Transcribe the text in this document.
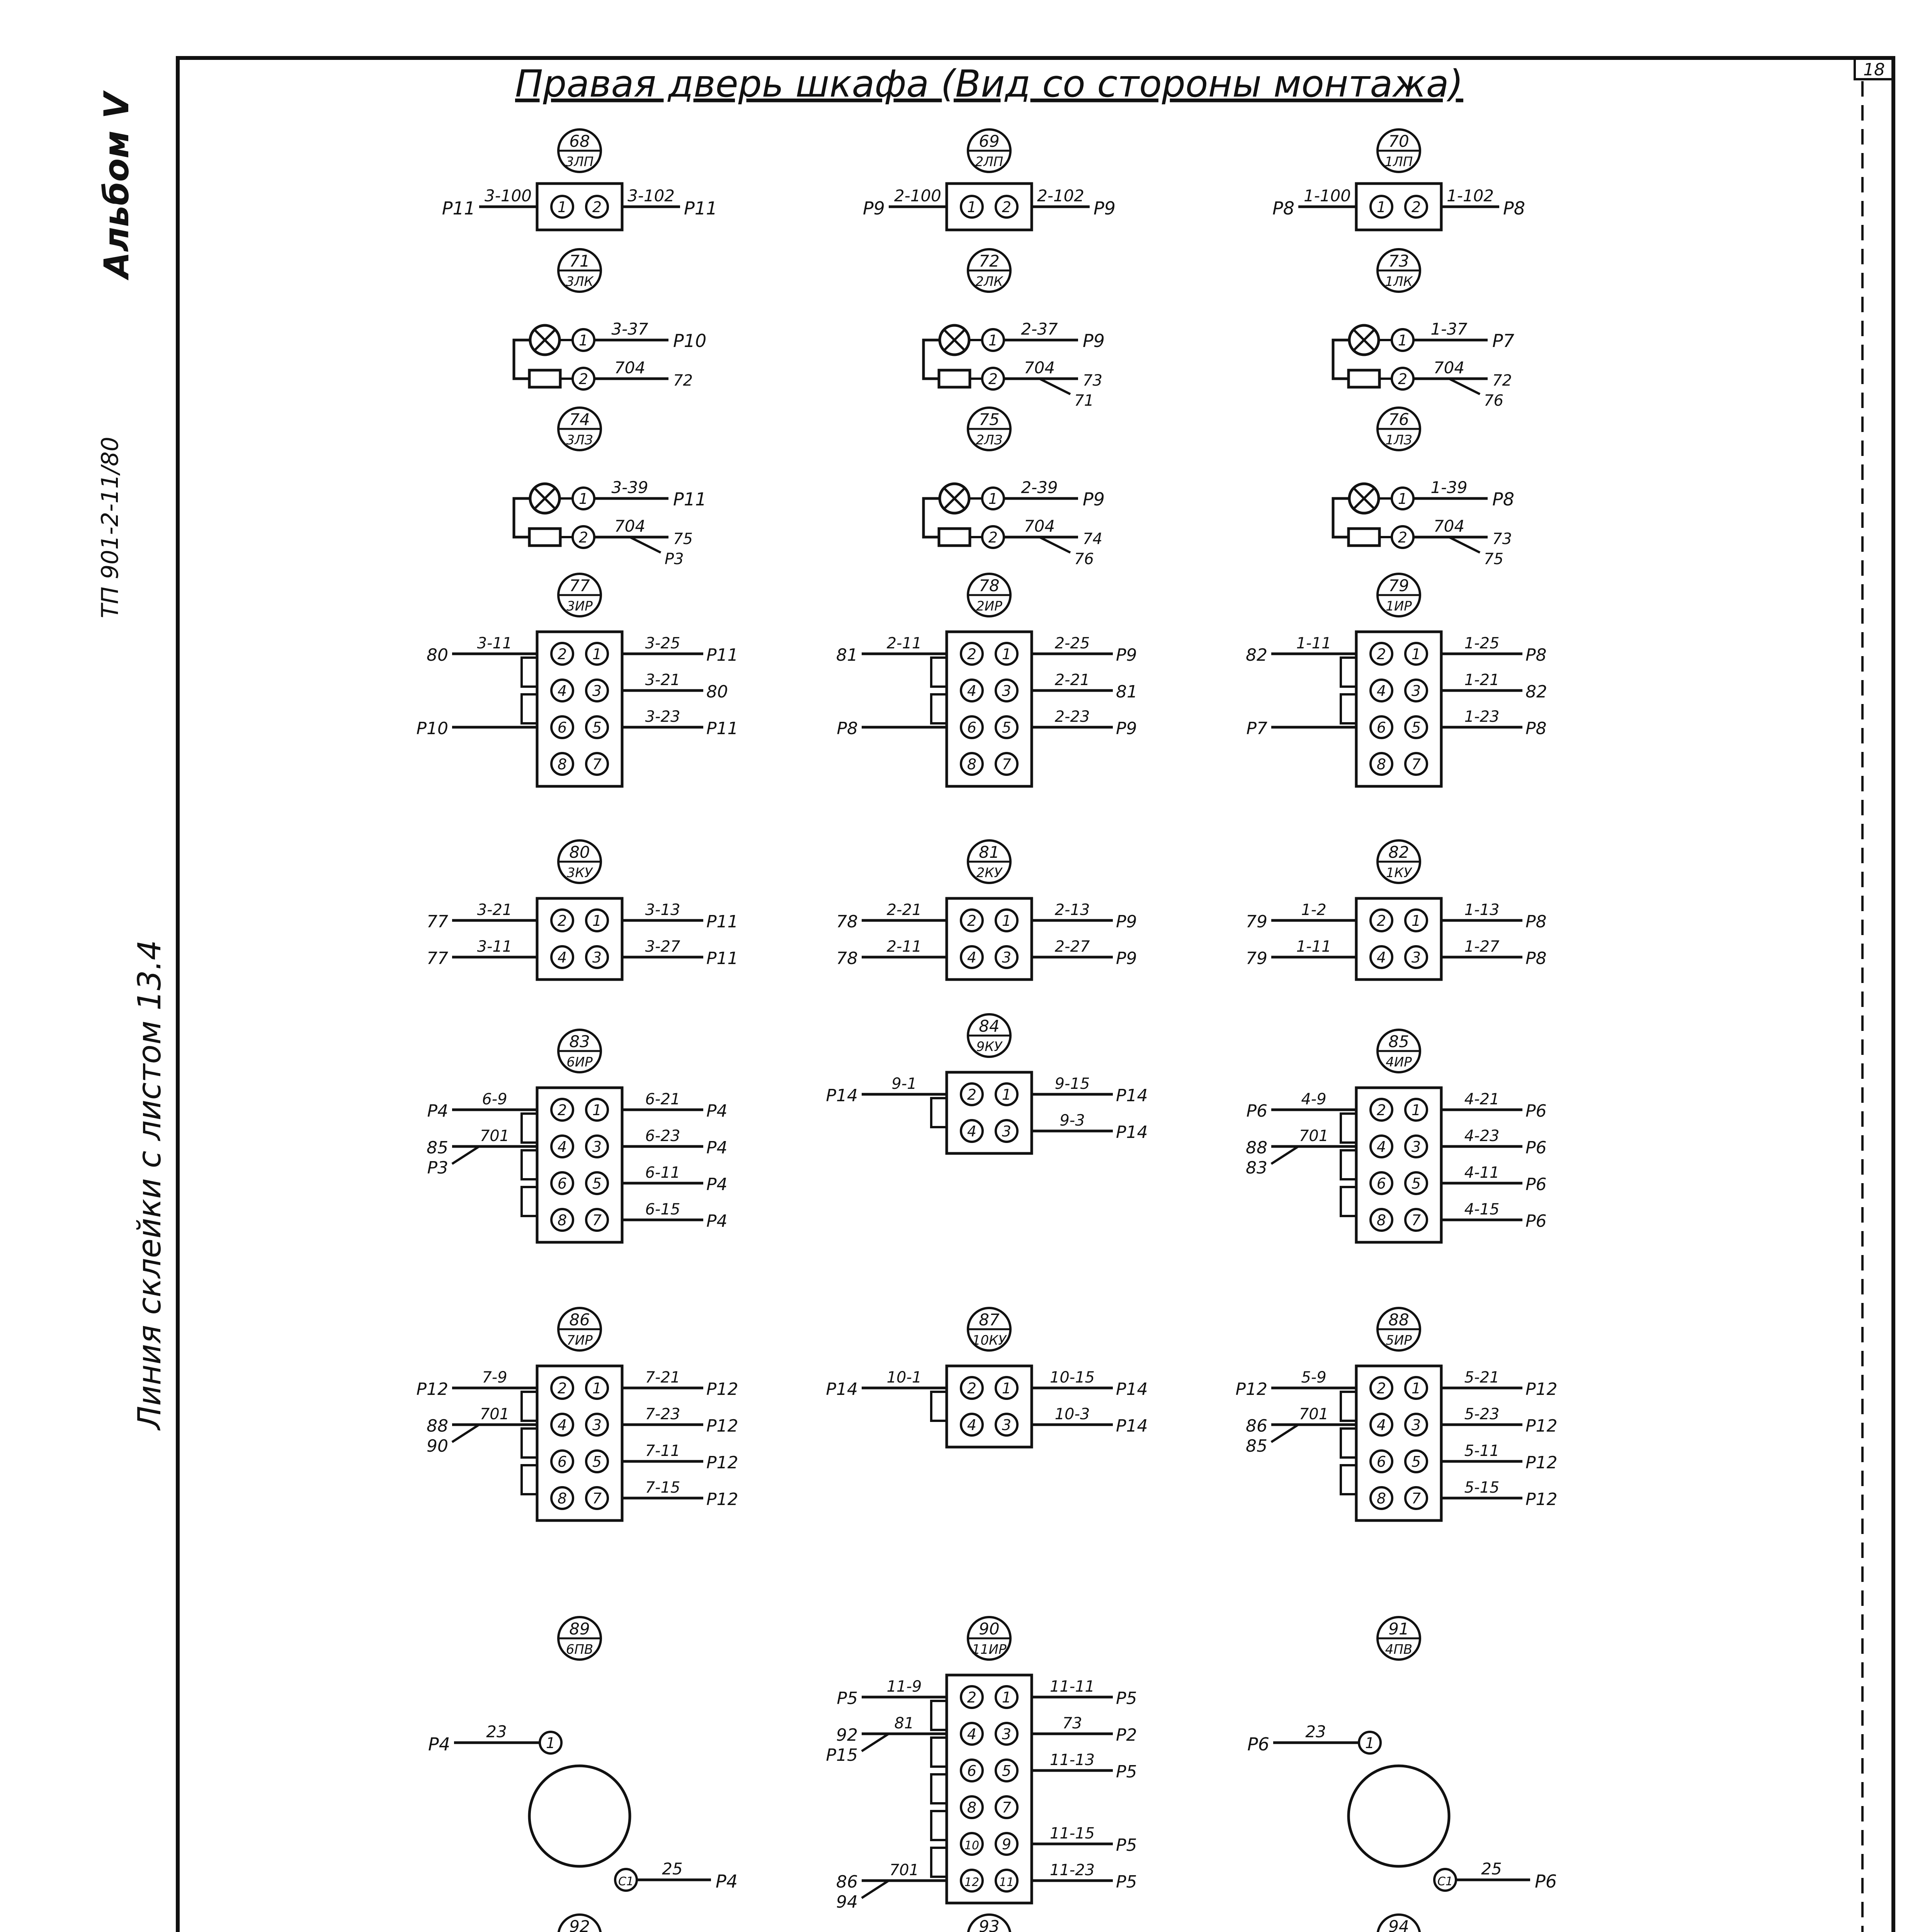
18
Правая дверь шкафа (Вид со стороны монтажа)
68
3ЛП
1 2
3-100	3-102
Р11	Р11
69
2ЛП
1 2
2-100	2-102
Р9	Р9
70
1ЛП
1 2
1-100	1-102
Р8	Р8
71
3ЛК
1
2
3-37
704
Р10
72
72
2ЛК
1
2
2-37
704
Р9
73
71
73
1ЛК
1
2
1-37
704
Р7
72
76
74
3ЛЗ
1
2
3-39
704
Р11
75
Р3
75
2ЛЗ
1
2
2-39
704
Р9
74
76
76
1ЛЗ
1
2
1-39
704
Р8
73
75
77
3ИР
2 1
3-11
80
3-25
Р11
4 3
3-21
80
6 5
Р10
3-23
Р11
8 7
78
2ИР
2 1
2-11
81
2-25
Р9
4 3
2-21
81
6 5
Р8
2-23
Р9
8 7
79
1ИР
2 1
1-11
82
1-25
Р8
4 3
1-21
82
6 5
Р7
1-23
Р8
8 7
80
3КУ
2 1
3-21
77
3-13
Р11
4 3
3-11
77
3-27
Р11
81
2КУ
2 1
2-21
78
2-13
Р9
4 3
2-11
78
2-27
Р9
82
1КУ
2 1
1-2
79
1-13
Р8
4 3
1-11
79
1-27
Р8
83
6ИР
2 1
6-9
Р4
6-21
Р4
4 3
701
85
Р3
6-23
Р4
6 5
6-11
Р4
8 7
6-15
Р4
84
9КУ
2 1
9-1
Р14
9-15
Р14
4 3
9-3
Р14
85
4ИР
2 1
4-9
Р6
4-21
Р6
4 3
701
88
83
4-23
Р6
6 5
4-11
Р6
8 7
4-15
Р6
86
7ИР
2 1
7-9
Р12
7-21
Р12
4 3
701
88
90
7-23
Р12
6 5
7-11
Р12
8 7
7-15
Р12
87
10КУ
2 1
10-1
Р14
10-15
Р14
4 3
10-3
Р14
88
5ИР
2 1
5-9
Р12
5-21
Р12
4 3
701
86
85
5-23
Р12
6 5
5-11
Р12
8 7
5-15
Р12
89
6ПВ
1
С1
23
25
Р4
Р4
90
11ИР
2 1
11-9
Р5
11-11
Р5
4 3
81
92
Р15
73
Р2
6 5
11-13
Р5
8 7
10 9
11-15
Р5
12 11
701
86
94
11-23
Р5
91
4ПВ
1
С1
23
25
Р6
Р6
92	93	94
Альбом V
ТП 901-2-11/80
Линия склейки с листом 13.4
